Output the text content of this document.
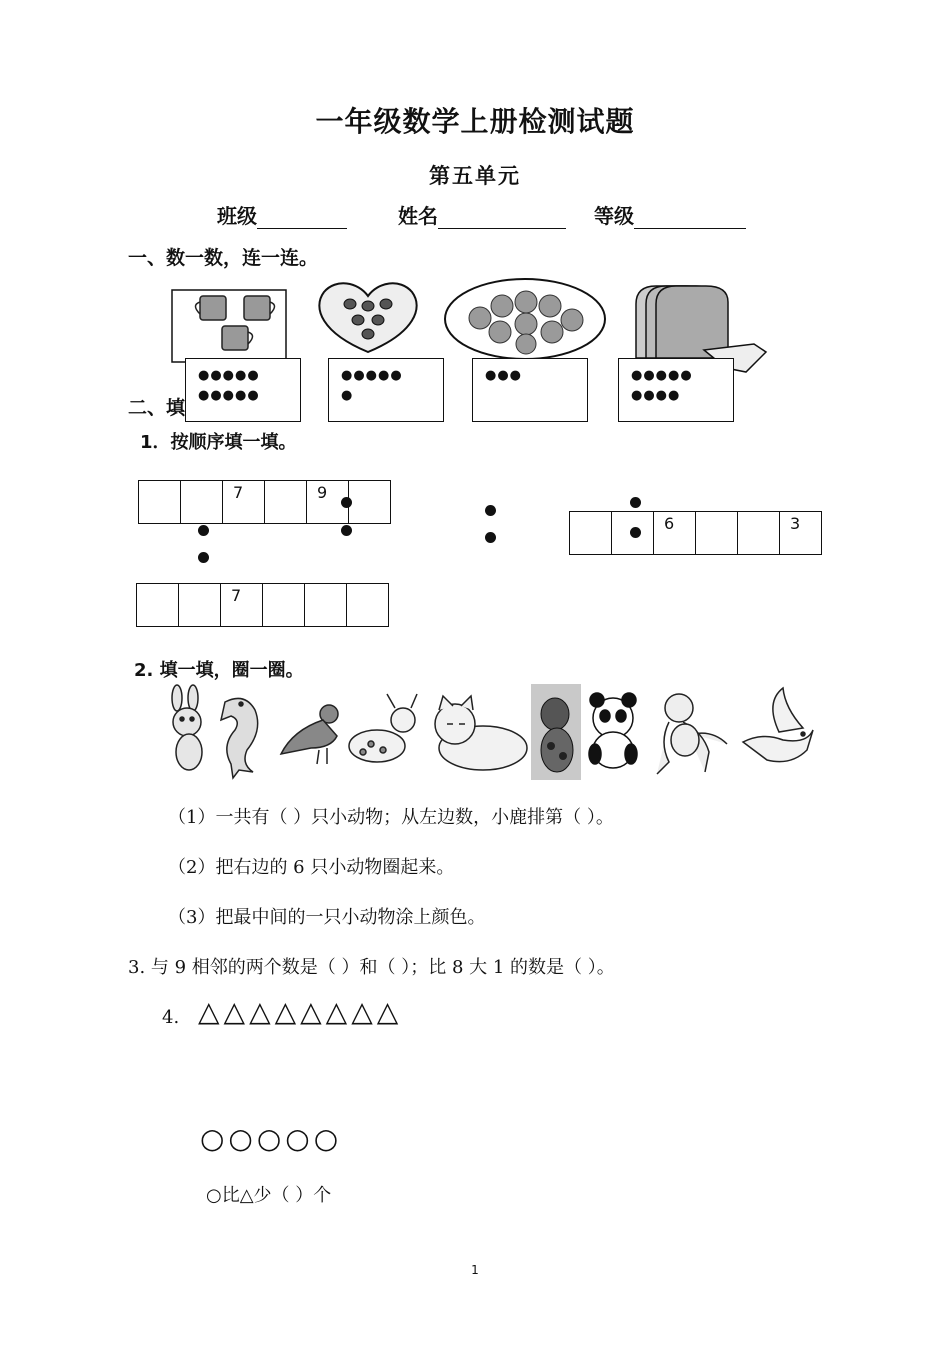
一年级数学上册检测试题
第五单元
班级	姓名	等级
一、数一数，连一连。
●●●●●
●●●●●
●●●●●
●
●●●	●●●●●
●●●●
二、填
1．按顺序填一填。
7	9
6	3
7
2. 填一填，圈一圈。
（1）一共有（ ）只小动物；从左边数，小鹿排第（ ）。
（2）把右边的 6 只小动物圈起来。
（3）把最中间的一只小动物涂上颜色。
3. 与 9 相邻的两个数是（ ）和（ ）；比 8 大 1 的数是（ ）。
4. △△△△△△△△
○○○○○
○比△少（ ）个
1
